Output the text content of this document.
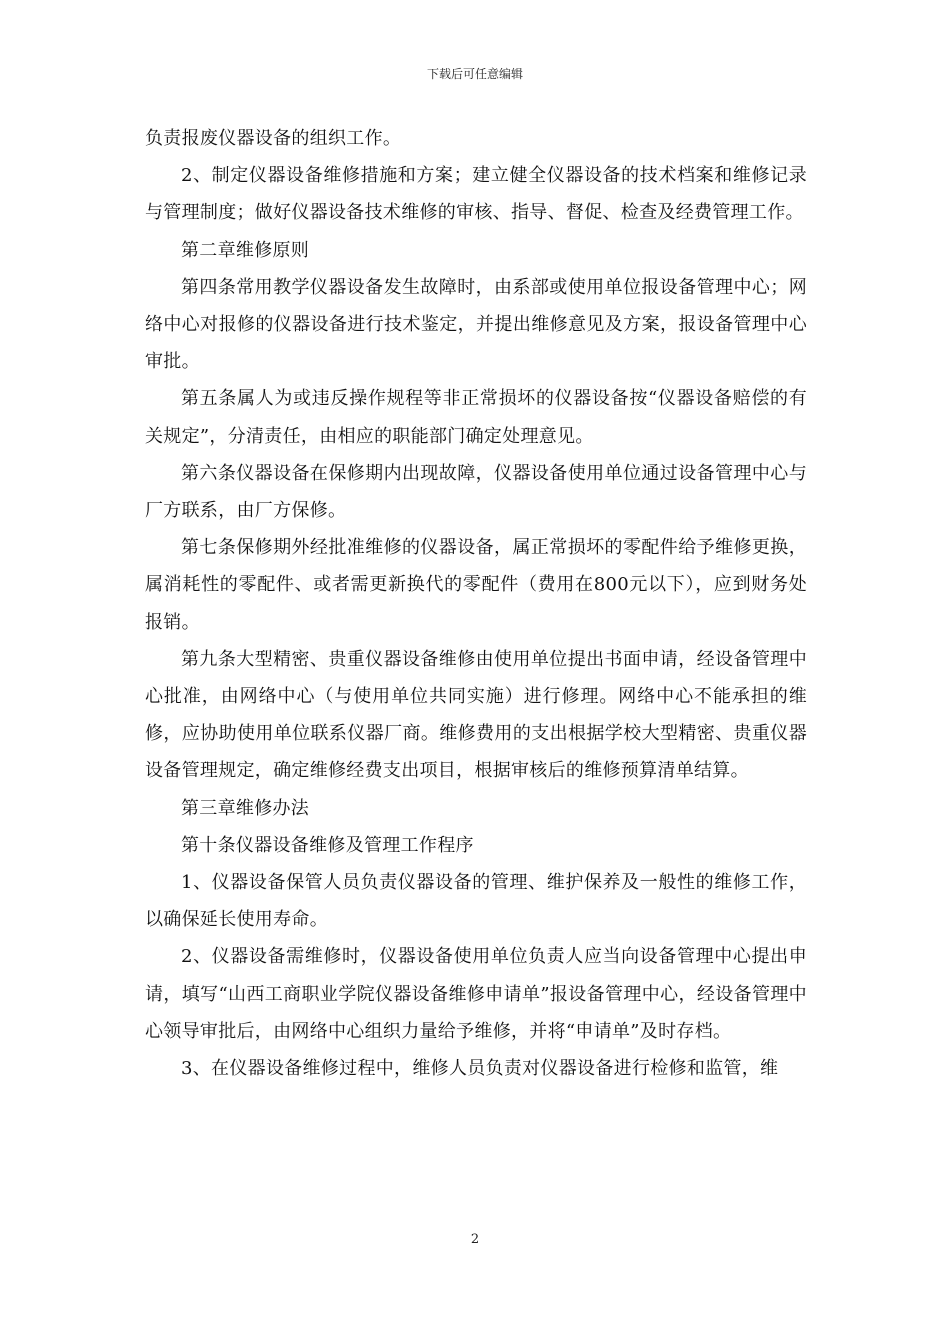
下载后可任意编辑

负责报废仪器设备的组织工作。

2、制定仪器设备维修措施和方案；建立健全仪器设备的技术档案和维修记录与管理制度；做好仪器设备技术维修的审核、指导、督促、检查及经费管理工作。

第二章维修原则

第四条常用教学仪器设备发生故障时，由系部或使用单位报设备管理中心；网络中心对报修的仪器设备进行技术鉴定，并提出维修意见及方案，报设备管理中心审批。

第五条属人为或违反操作规程等非正常损坏的仪器设备按“仪器设备赔偿的有关规定”，分清责任，由相应的职能部门确定处理意见。

第六条仪器设备在保修期内出现故障，仪器设备使用单位通过设备管理中心与厂方联系，由厂方保修。

第七条保修期外经批准维修的仪器设备，属正常损坏的零配件给予维修更换，属消耗性的零配件、或者需更新换代的零配件（费用在800元以下），应到财务处报销。

第九条大型精密、贵重仪器设备维修由使用单位提出书面申请，经设备管理中心批准，由网络中心（与使用单位共同实施）进行修理。网络中心不能承担的维修，应协助使用单位联系仪器厂商。维修费用的支出根据学校大型精密、贵重仪器设备管理规定，确定维修经费支出项目，根据审核后的维修预算清单结算。

第三章维修办法

第十条仪器设备维修及管理工作程序

1、仪器设备保管人员负责仪器设备的管理、维护保养及一般性的维修工作，以确保延长使用寿命。

2、仪器设备需维修时，仪器设备使用单位负责人应当向设备管理中心提出申请，填写“山西工商职业学院仪器设备维修申请单”报设备管理中心，经设备管理中心领导审批后，由网络中心组织力量给予维修，并将“申请单”及时存档。

3、在仪器设备维修过程中，维修人员负责对仪器设备进行检修和监管，维

2
